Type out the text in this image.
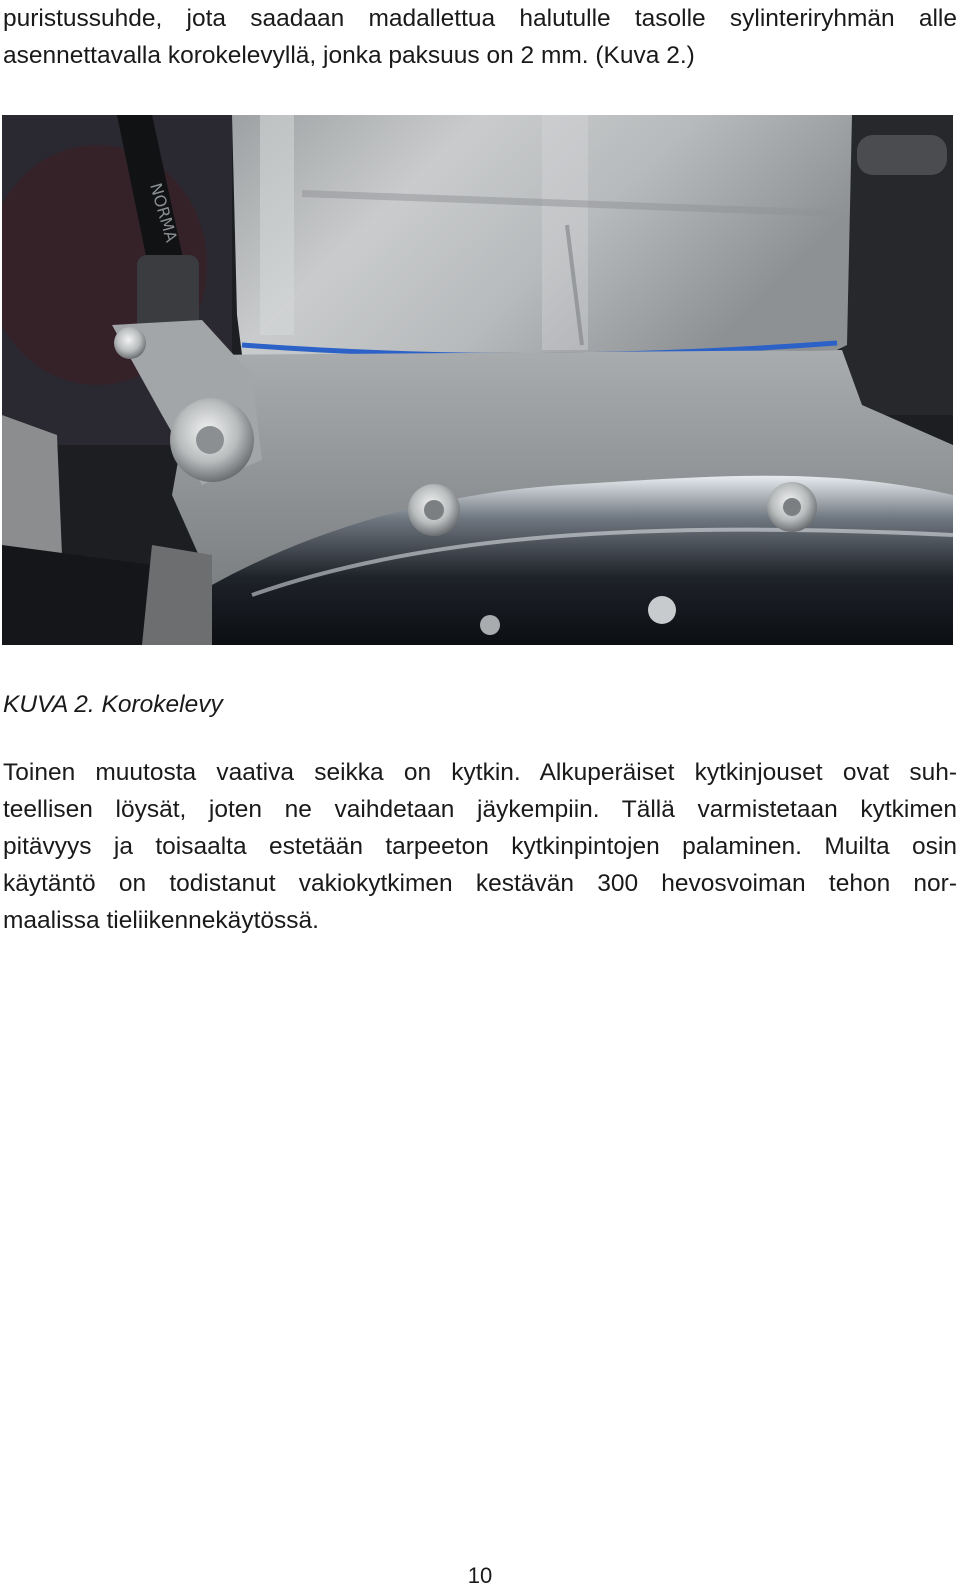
puristussuhde, jota saadaan madallettua halutulle tasolle sylinteriryhmän alle
asennettavalla korokelevyllä, jonka paksuus on 2 mm. (Kuva 2.)
NORMA

KUVA 2. Korokelevy

Toinen muutosta vaativa seikka on kytkin. Alkuperäiset kytkinjouset ovat suh-
teellisen löysät, joten ne vaihdetaan jäykempiin. Tällä varmistetaan kytkimen
pitävyys ja toisaalta estetään tarpeeton kytkinpintojen palaminen. Muilta osin
käytäntö on todistanut vakiokytkimen kestävän 300 hevosvoiman tehon nor-
maalissa tieliikennekäytössä.

10
